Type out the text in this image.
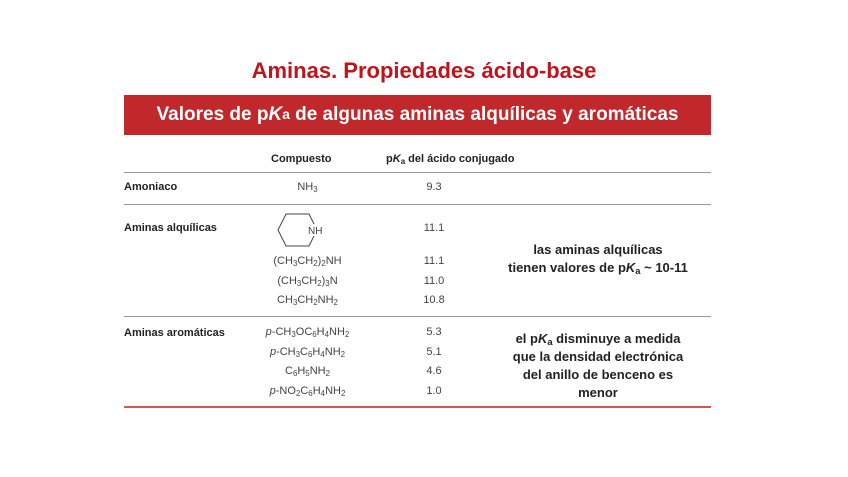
Aminas. Propiedades ácido-base
Valores de p K a de algunas aminas alquílicas y aromáticas
Compuesto	$pK_a$ del ácido conjugado
Amoniaco	$NH_3$	9.3
Aminas alquílicas	NH	11.1
$(CH_3CH_2)_2NH$	11.1
$(CH_3CH_2)_3N$	11.0
$CH_3CH_2NH_2$	10.8
las aminas alquílicas
tienen valores de $pK_a$ ~ 10-11
Aminas aromáticas	$p-CH_3OC_6H_4NH_2$	5.3
$p-CH_3C_6H_4NH_2$	5.1
$C_6H_5NH_2$	4.6
$p-NO_2C_6H_4NH_2$	1.0
el $pK_a$ disminuye a medida
que la densidad electrónica
del anillo de benceno es
menor
